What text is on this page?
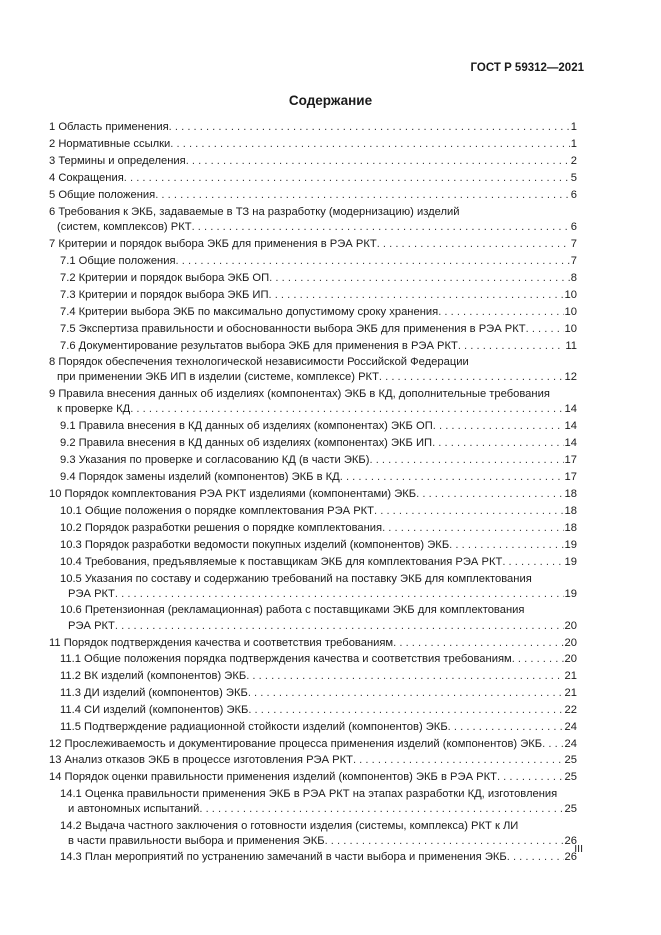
ГОСТ Р 59312—2021
Содержание
1 Область применения . . .	1
2 Нормативные ссылки . . .	1
3 Термины и определения . . .	2
4 Сокращения . . .	5
5 Общие положения . . .	6
6 Требования к ЭКБ, задаваемые в ТЗ на разработку (модернизацию) изделий
(систем, комплексов) РКТ . . .	6
7 Критерии и порядок выбора ЭКБ для применения в РЭА РКТ . . .	7
7.1 Общие положения . . .	7
7.2 Критерии и порядок выбора ЭКБ ОП . . .	8
7.3 Критерии и порядок выбора ЭКБ ИП . . .	10
7.4 Критерии выбора ЭКБ по максимально допустимому сроку хранения . . .	10
7.5 Экспертиза правильности и обоснованности выбора ЭКБ для применения в РЭА РКТ . . .	10
7.6 Документирование результатов выбора ЭКБ для применения в РЭА РКТ . . .	11
8 Порядок обеспечения технологической независимости Российской Федерации
при применении ЭКБ ИП в изделии (системе, комплексе) РКТ . . .	12
9 Правила внесения данных об изделиях (компонентах) ЭКБ в КД, дополнительные требования
к проверке КД . . .	14
9.1 Правила внесения в КД данных об изделиях (компонентах) ЭКБ ОП . . .	14
9.2 Правила внесения в КД данных об изделиях (компонентах) ЭКБ ИП . . .	14
9.3 Указания по проверке и согласованию КД (в части ЭКБ) . . .	17
9.4 Порядок замены изделий (компонентов) ЭКБ в КД . . .	17
10 Порядок комплектования РЭА РКТ изделиями (компонентами) ЭКБ . . .	18
10.1 Общие положения о порядке комплектования РЭА РКТ . . .	18
10.2 Порядок разработки решения о порядке комплектования . . .	18
10.3 Порядок разработки ведомости покупных изделий (компонентов) ЭКБ . . .	19
10.4 Требования, предъявляемые к поставщикам ЭКБ для комплектования РЭА РКТ . . .	19
10.5 Указания по составу и содержанию требований на поставку ЭКБ для комплектования
РЭА РКТ . . .	19
10.6 Претензионная (рекламационная) работа с поставщиками ЭКБ для комплектования
РЭА РКТ . . .	20
11 Порядок подтверждения качества и соответствия требованиям . . .	20
11.1 Общие положения порядка подтверждения качества и соответствия требованиям . . .	20
11.2 ВК изделий (компонентов) ЭКБ . . .	21
11.3 ДИ изделий (компонентов) ЭКБ . . .	21
11.4 СИ изделий (компонентов) ЭКБ . . .	22
11.5 Подтверждение радиационной стойкости изделий (компонентов) ЭКБ . . .	24
12 Прослеживаемость и документирование процесса применения изделий (компонентов) ЭКБ . . . 24
13 Анализ отказов ЭКБ в процессе изготовления РЭА РКТ . . .	25
14 Порядок оценки правильности применения изделий (компонентов) ЭКБ в РЭА РКТ . . .	25
14.1 Оценка правильности применения ЭКБ в РЭА РКТ на этапах разработки КД, изготовления
и автономных испытаний . . .	25
14.2 Выдача частного заключения о готовности изделия (системы, комплекса) РКТ к ЛИ
в части правильности выбора и применения ЭКБ . . .	26
14.3 План мероприятий по устранению замечаний в части выбора и применения ЭКБ . . .	26
III
